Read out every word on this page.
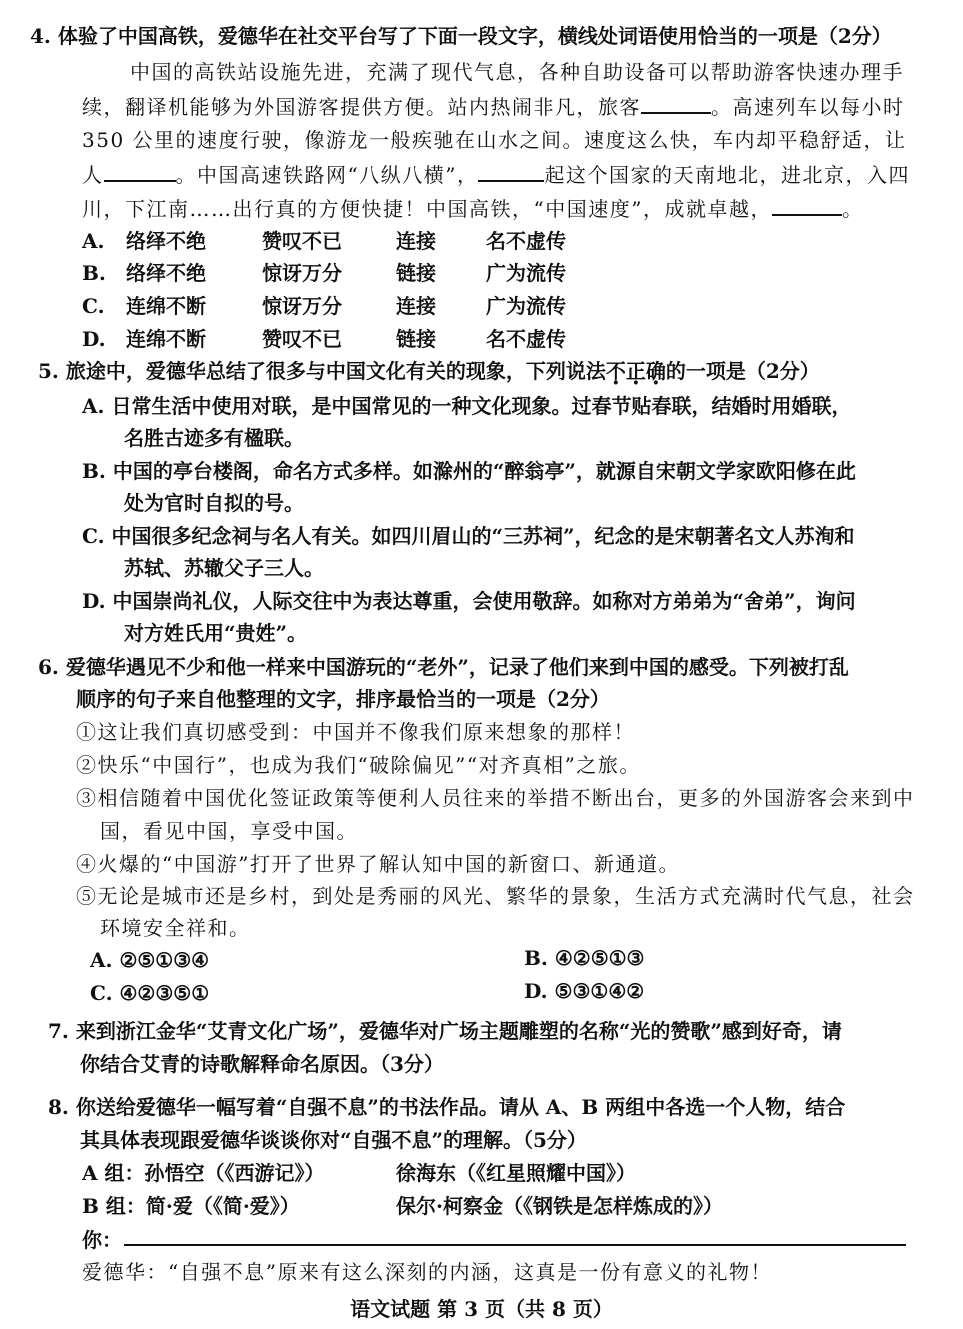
4. 体验了中国高铁，爱德华在社交平台写了下面一段文字，横线处词语使用恰当的一项是（2分）
中国的高铁站设施先进，充满了现代气息，各种自助设备可以帮助游客快速办理手
续，翻译机能够为外国游客提供方便。站内热闹非凡，旅客	。高速列车以每小时
350 公里的速度行驶，像游龙一般疾驰在山水之间。速度这么快，车内却平稳舒适，让
人	。中国高速铁路网“八纵八横”，	起这个国家的天南地北，进北京，入四
川，下江南……出行真的方便快捷！中国高铁，“中国速度”，成就卓越，	。
A. 络绎不绝	赞叹不已	连接	名不虚传
B. 络绎不绝	惊讶万分	链接	广为流传
C. 连绵不断	惊讶万分	连接	广为流传
D. 连绵不断	赞叹不已	链接	名不虚传
5. 旅途中，爱德华总结了很多与中国文化有关的现象，下列说法不正确的一项是（2分）
A. 日常生活中使用对联，是中国常见的一种文化现象。过春节贴春联，结婚时用婚联，
名胜古迹多有楹联。
B. 中国的亭台楼阁，命名方式多样。如滁州的“醉翁亭”，就源自宋朝文学家欧阳修在此
处为官时自拟的号。
C. 中国很多纪念祠与名人有关。如四川眉山的“三苏祠”，纪念的是宋朝著名文人苏洵和
苏轼、苏辙父子三人。
D. 中国崇尚礼仪，人际交往中为表达尊重，会使用敬辞。如称对方弟弟为“舍弟”，询问
对方姓氏用“贵姓”。
6. 爱德华遇见不少和他一样来中国游玩的“老外”，记录了他们来到中国的感受。下列被打乱
顺序的句子来自他整理的文字，排序最恰当的一项是（2分）
①这让我们真切感受到：中国并不像我们原来想象的那样！
②快乐“中国行”，也成为我们“破除偏见”“对齐真相”之旅。
③相信随着中国优化签证政策等便利人员往来的举措不断出台，更多的外国游客会来到中
国，看见中国，享受中国。
④火爆的“中国游”打开了世界了解认知中国的新窗口、新通道。
⑤无论是城市还是乡村，到处是秀丽的风光、繁华的景象，生活方式充满时代气息，社会
环境安全祥和。
A. ②⑤①③④	B. ④②⑤①③
C. ④②③⑤①	D. ⑤③①④②
7. 来到浙江金华“艾青文化广场”，爱德华对广场主题雕塑的名称“光的赞歌”感到好奇，请
你结合艾青的诗歌解释命名原因。（3分）
8. 你送给爱德华一幅写着“自强不息”的书法作品。请从 A、B 两组中各选一个人物，结合
其具体表现跟爱德华谈谈你对“自强不息”的理解。（5分）
A 组：孙悟空（《西游记》）	徐海东（《红星照耀中国》）
B 组：简·爱（《简·爱》）	保尔·柯察金（《钢铁是怎样炼成的》）
你：
爱德华：“自强不息”原来有这么深刻的内涵，这真是一份有意义的礼物！
语文试题 第 3 页（共 8 页）
